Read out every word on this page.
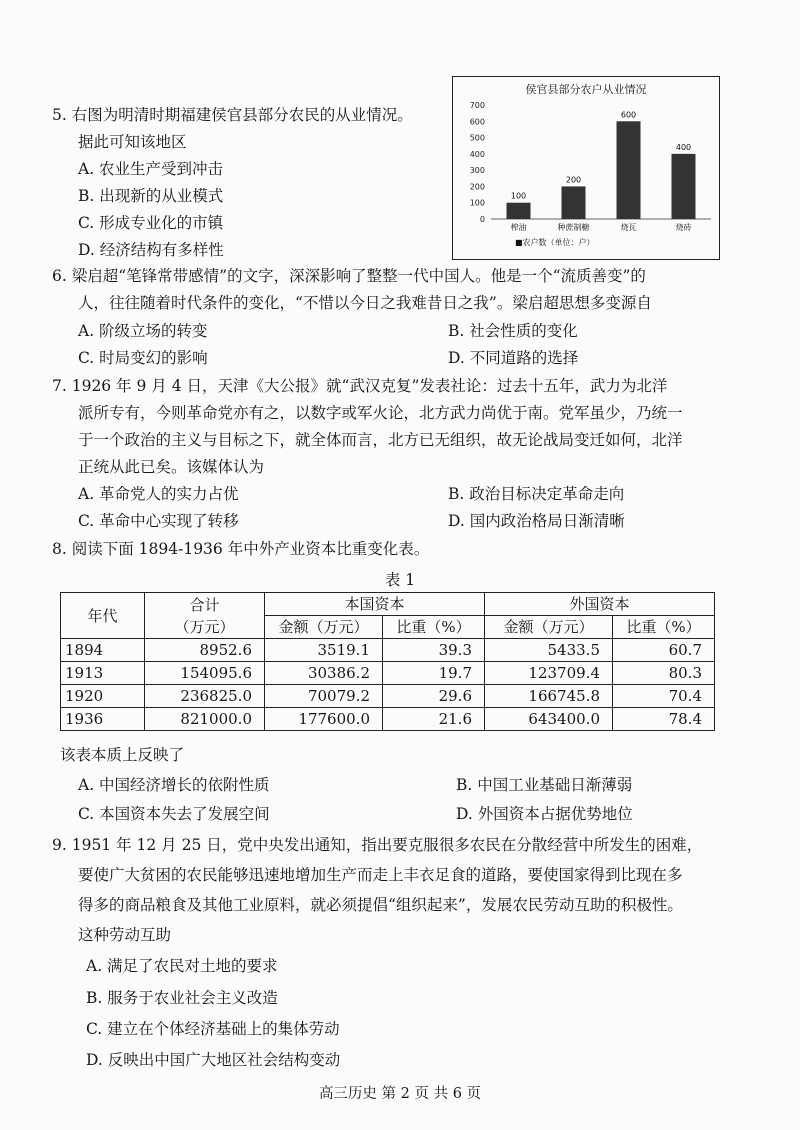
5. 右图为明清时期福建侯官县部分农民的从业情况。
据此可知该地区
A. 农业生产受到冲击
B. 出现新的从业模式
C. 形成专业化的市镇
D. 经济结构有多样性
侯官县部分农户从业情况
0
100
200
300
400
500
600
700
100
榨油
200
种蔗制糖
600
烧瓦
400
烧砖
■农户数（单位：户）
6. 梁启超“笔锋常带感情”的文字，深深影响了整整一代中国人。他是一个“流质善变”的
人，往往随着时代条件的变化，“不惜以今日之我难昔日之我”。梁启超思想多变源自
A. 阶级立场的转变	B. 社会性质的变化
C. 时局变幻的影响	D. 不同道路的选择
7. 1926 年 9 月 4 日，天津《大公报》就“武汉克复”发表社论：过去十五年，武力为北洋
派所专有，今则革命党亦有之，以数字或军火论，北方武力尚优于南。党军虽少，乃统一
于一个政治的主义与目标之下，就全体而言，北方已无组织，故无论战局变迁如何，北洋
正统从此已矣。该媒体认为
A. 革命党人的实力占优	B. 政治目标决定革命走向
C. 革命中心实现了转移	D. 国内政治格局日渐清晰
8. 阅读下面 1894-1936 年中外产业资本比重变化表。
表 1
年代	合计
（万元）	本国资本		外国资本	
		金额（万元）	比重（%）	金额（万元）	比重（%）
1894	8952.6	3519.1	39.3	5433.5	60.7
1913	154095.6	30386.2	19.7	123709.4	80.3
1920	236825.0	70079.2	29.6	166745.8	70.4
1936	821000.0	177600.0	21.6	643400.0	78.4
该表本质上反映了
A. 中国经济增长的依附性质	B. 中国工业基础日渐薄弱
C. 本国资本失去了发展空间	D. 外国资本占据优势地位
9. 1951 年 12 月 25 日，党中央发出通知，指出要克服很多农民在分散经营中所发生的困难，
要使广大贫困的农民能够迅速地增加生产而走上丰衣足食的道路，要使国家得到比现在多
得多的商品粮食及其他工业原料，就必须提倡“组织起来”，发展农民劳动互助的积极性。
这种劳动互助
A. 满足了农民对土地的要求
B. 服务于农业社会主义改造
C. 建立在个体经济基础上的集体劳动
D. 反映出中国广大地区社会结构变动
高三历史 第 2 页 共 6 页
